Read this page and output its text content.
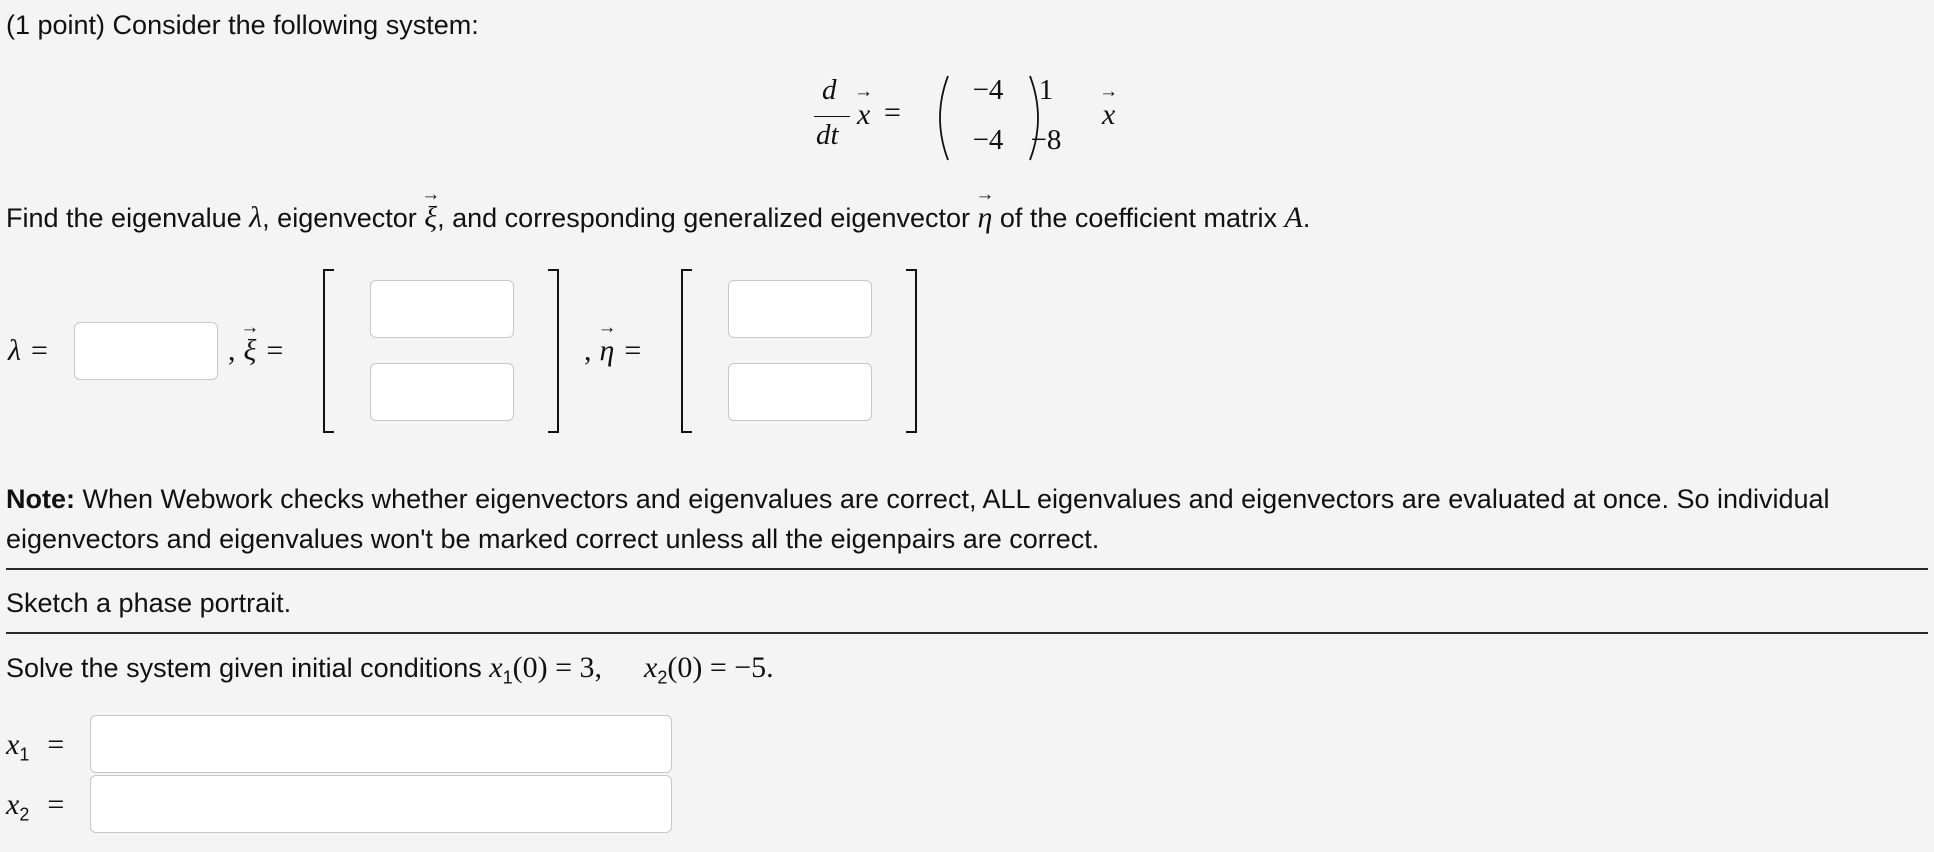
(1 point) Consider the following system:
d
dt
→ x =
−4	1
−4 −8
→ x
Find the eigenvalue λ, eigenvector → ξ, and corresponding generalized eigenvector → η of the coefficient matrix A.
λ =	, → ξ =	, → η =
Note: When Webwork checks whether eigenvectors and eigenvalues are correct, ALL eigenvalues and eigenvectors are evaluated at once. So individual
eigenvectors and eigenvalues won't be marked correct unless all the eigenpairs are correct.
Sketch a phase portrait.
Solve the system given initial conditions $x_1(0) = 3$, $x_2(0) = -5$.
$x_1$ =
$x_2$ =
